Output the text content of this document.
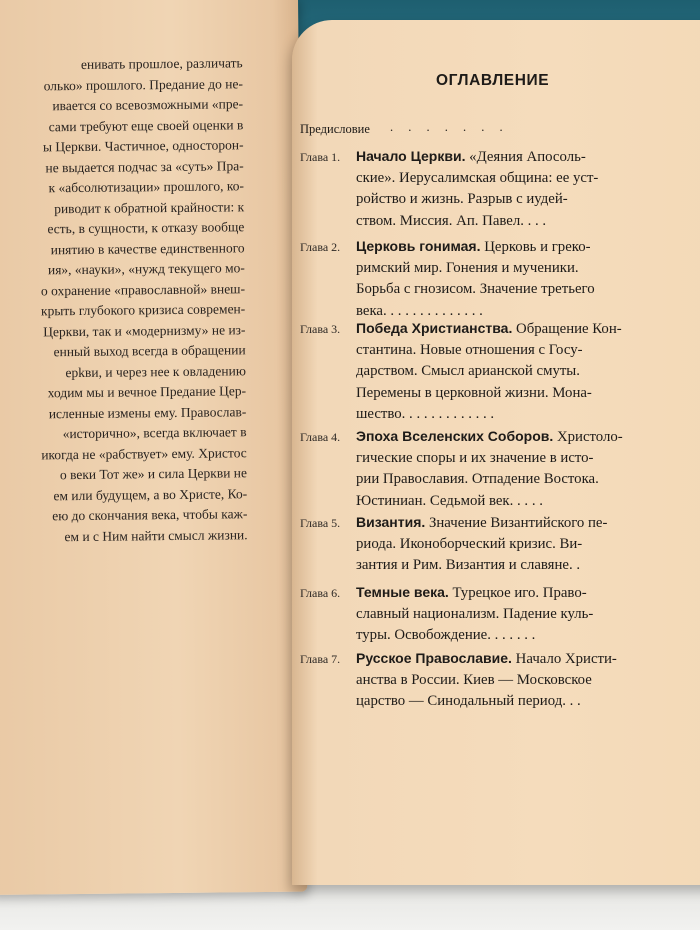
енивать прошлое, различать
олько» прошлого. Предание до не-
ивается со всевозможными «пре-
сами требуют еще своей оценки в
ы Церкви. Частичное, односторон-
не выдается подчас за «суть» Пра-
к «абсолютизации» прошлого, ко-
риводит к обратной крайности: к
есть, в сущности, к отказу вообще
инятию в качестве единственного
ия», «науки», «нужд текущего мо-
о охранение «православной» внеш-
крыть глубокого кризиса современ-
Церкви, так и «модернизму» не из-
енный выход всегда в обращении
ерkви, и через нее к овладению
ходим мы и вечное Предание Цер-
исленные измены ему. Православ-
«исторично», всегда включает в
икогда не «рабствует» ему. Христос
о веки Тот же» и сила Церкви не
ем или будущем, а во Христе, Ко-
ею до скончания века, чтобы каж-
ем и с Ним найти смысл жизни.
ОГЛАВЛЕНИЕ
Предисловие . . . . . . .
Глава 1. Начало Церкви. «Деяния Апосоль-
ские». Иерусалимская община: ее уст-
ройство и жизнь. Разрыв с иудей-
ством. Миссия. Ап. Павел. . . .
Глава 2. Церковь гонимая. Церковь и греко-
римский мир. Гонения и мученики.
Борьба с гнозисом. Значение третьего
века. . . . . . . . . . . . . .
Глава 3. Победа Христианства. Обращение Кон-
стантина. Новые отношения с Госу-
дарством. Смысл арианской смуты.
Перемены в церковной жизни. Мона-
шество. . . . . . . . . . . . .
Глава 4. Эпоха Вселенских Соборов. Христоло-
гические споры и их значение в исто-
рии Православия. Отпадение Востока.
Юстиниан. Седьмой век. . . . .
Глава 5. Византия. Значение Византийского пе-
риода. Иконоборческий кризис. Ви-
зантия и Рим. Византия и славяне. .
Глава 6. Темные века. Турецкое иго. Право-
славный национализм. Падение куль-
туры. Освобождение. . . . . . .
Глава 7. Русское Православие. Начало Христи-
анства в России. Киев — Московское
царство — Синодальный период. . .
